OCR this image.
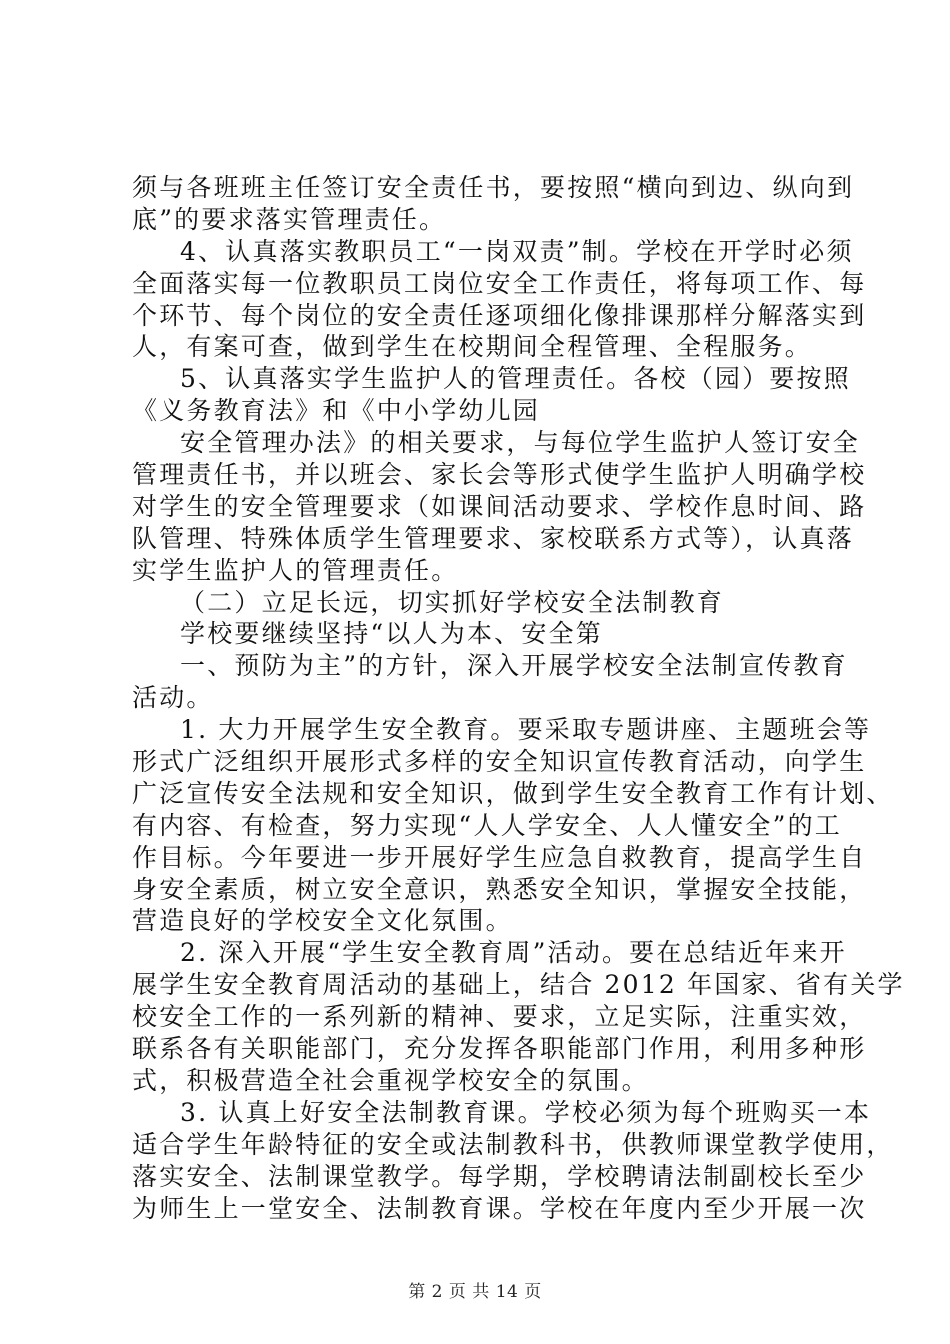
须与各班班主任签订安全责任书，要按照“横向到边、纵向到
底”的要求落实管理责任。
4、认真落实教职员工“一岗双责”制。学校在开学时必须
全面落实每一位教职员工岗位安全工作责任，将每项工作、每
个环节、每个岗位的安全责任逐项细化像排课那样分解落实到
人，有案可查，做到学生在校期间全程管理、全程服务。
5、认真落实学生监护人的管理责任。各校（园）要按照
《义务教育法》和《中小学幼儿园
安全管理办法》的相关要求，与每位学生监护人签订安全
管理责任书，并以班会、家长会等形式使学生监护人明确学校
对学生的安全管理要求（如课间活动要求、学校作息时间、路
队管理、特殊体质学生管理要求、家校联系方式等），认真落
实学生监护人的管理责任。
（二）立足长远，切实抓好学校安全法制教育
学校要继续坚持“以人为本、安全第
一、预防为主”的方针，深入开展学校安全法制宣传教育
活动。
1. 大力开展学生安全教育。要采取专题讲座、主题班会等
形式广泛组织开展形式多样的安全知识宣传教育活动，向学生
广泛宣传安全法规和安全知识，做到学生安全教育工作有计划、
有内容、有检查，努力实现“人人学安全、人人懂安全”的工
作目标。今年要进一步开展好学生应急自救教育，提高学生自
身安全素质，树立安全意识，熟悉安全知识，掌握安全技能，
营造良好的学校安全文化氛围。
2. 深入开展“学生安全教育周”活动。要在总结近年来开
展学生安全教育周活动的基础上，结合 2012 年国家、省有关学
校安全工作的一系列新的精神、要求，立足实际，注重实效，
联系各有关职能部门，充分发挥各职能部门作用，利用多种形
式，积极营造全社会重视学校安全的氛围。
3. 认真上好安全法制教育课。学校必须为每个班购买一本
适合学生年龄特征的安全或法制教科书，供教师课堂教学使用，
落实安全、法制课堂教学。每学期，学校聘请法制副校长至少
为师生上一堂安全、法制教育课。学校在年度内至少开展一次
第 2 页 共 14 页
